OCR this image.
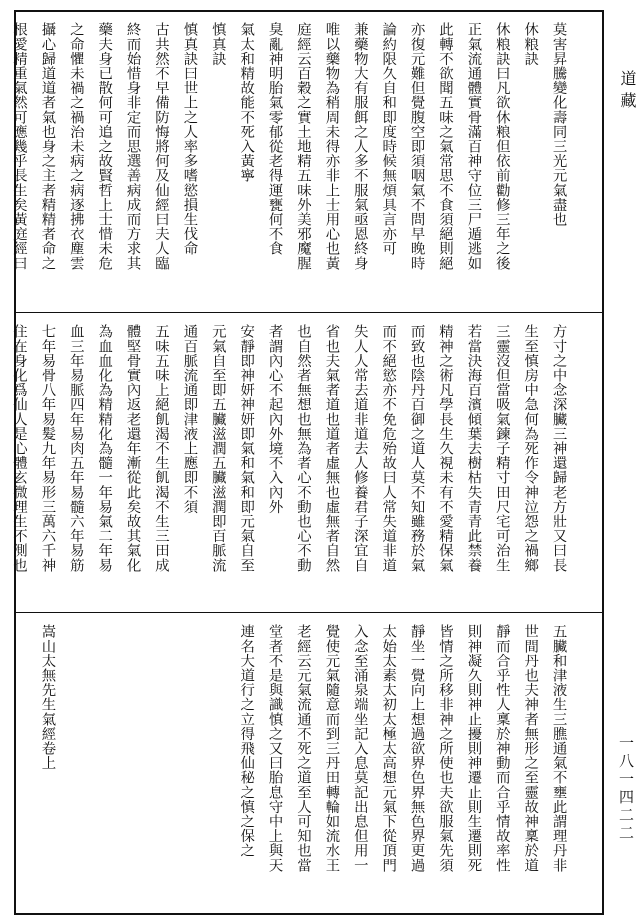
莫害昇騰變化壽同三光元氣盡也
休粮訣
休粮訣曰凡欲休粮但依前勸修三年之後
正氣流通體實骨滿百神守位三尸遁逃如
此轉不欲聞五味之氣常思不食須絕則絕
亦復元難但覺腹空即須咽氣不問早晚時
論約限久自和即度時候無煩具言亦可
兼藥物大有服餌之人多不服氣亟恩終身
唯以藥物為稍周未得亦非上士用心也黃
庭經云百穀之實土地精五味外美邪魔腥
臭亂神明胎氣零郁從老得運甕何不食
氣太和精故能不死入黃寧
慎真訣
慎真訣曰世上之人率多嗜慾損生伐命
古共然不早備防悔將何及仙經曰夫人臨
終而始惜身非定而思選善病成而方求其
藥夫身已散何可追之故賢哲上士惜未危
之命懼未禍之禍治未病之病逐拂衣塵雲
攝心歸道道者氣也身之主者精精者命之
根愛精重氣然可應幾乎長生矣黃庭經曰
方寸之中念深臟三神還歸老方壯又曰長
生至慎房中急何為死作令神泣怨之禍鄉
三靈沒但當吸氣鍊子精寸田尺宅可治生
若當決海百濱傾葉去樹枯失青青此禁養
精神之術凡學長生久視未有不愛精保氣
而致也陰丹百御之道人莫不知雖務於氣
而不絕慾亦不免危殆故曰人常失道非道
失人人常去道非道去人修養君子深宜自
省也夫氣者道也道者虛無也虛無者自然
也自然者無想也無為者心不動也心不動
者謂內心不起內外境不入內外
安靜即神妍神妍即氣和氣和即元氣自至
元氣自至即五臟滋潤五臟滋潤即百脈流
通百脈流通即津液上應即不須
五味五味上絕飢渴不生飢渴不生三田成
體堅骨實內返老還年漸從此矣故其氣化
為血血化為精精化為髓一年易氣二年易
血三年易脈四年易肉五年易髓六年易筋
七年易骨八年易髮九年易形三萬六千神
住在身化爲仙人是心體玄微理生不測也
五臟和津液生三膲通氣不壅此謂理丹非
世間丹也夫神者無形之至靈故神稟於道
靜而合乎性人稟於神動而合乎情故率性
則神凝久則神止擾則神遷止則生遷則死
皆情之所移非神之所使也夫欲服氣先須
靜坐一覺向上想過欲界色界無色界更過
太始太素太初太極太高想元氣下從頂門
入念至涌泉端坐記入息莫記出息但用一
覺使元氣隨意而到三丹田轉輪如流水王
老經云元氣流通不死之道至人可知也當
堂者不是與識慎之又曰胎息守中上與天
連名大道行之立得飛仙秘之慎之保之
嵩山太無先生氣經卷上
道藏
一八一四二二
